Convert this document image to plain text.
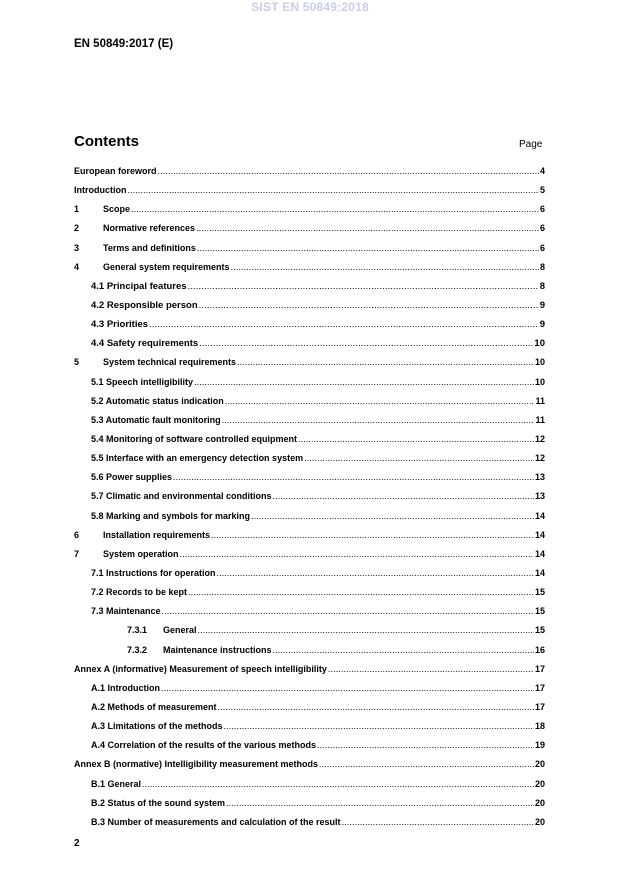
SIST EN 50849:2018
EN 50849:2017 (E)
Contents	Page
European foreword .....	4
Introduction .....	5
1	Scope .....	6
2	Normative references .....	6
3	Terms and definitions .....	6
4	General system requirements .....	8
4.1 Principal features .....	8
4.2 Responsible person .....	9
4.3 Priorities .....	9
4.4 Safety requirements .....	10
5	System technical requirements .....	10
5.1 Speech intelligibility .....	10
5.2 Automatic status indication .....	11
5.3 Automatic fault monitoring .....	11
5.4 Monitoring of software controlled equipment .....	12
5.5 Interface with an emergency detection system .....	12
5.6 Power supplies .....	13
5.7 Climatic and environmental conditions .....	13
5.8 Marking and symbols for marking .....	14
6	Installation requirements .....	14
7	System operation .....	14
7.1 Instructions for operation .....	14
7.2 Records to be kept .....	15
7.3 Maintenance .....	15
7.3.1	General .....	15
7.3.2	Maintenance instructions .....	16
Annex A (informative) Measurement of speech intelligibility .....	17
A.1 Introduction .....	17
A.2 Methods of measurement .....	17
A.3 Limitations of the methods .....	18
A.4 Correlation of the results of the various methods .....	19
Annex B (normative) Intelligibility measurement methods .....	20
B.1 General .....	20
B.2 Status of the sound system .....	20
B.3 Number of measurements and calculation of the result .....	20
2
